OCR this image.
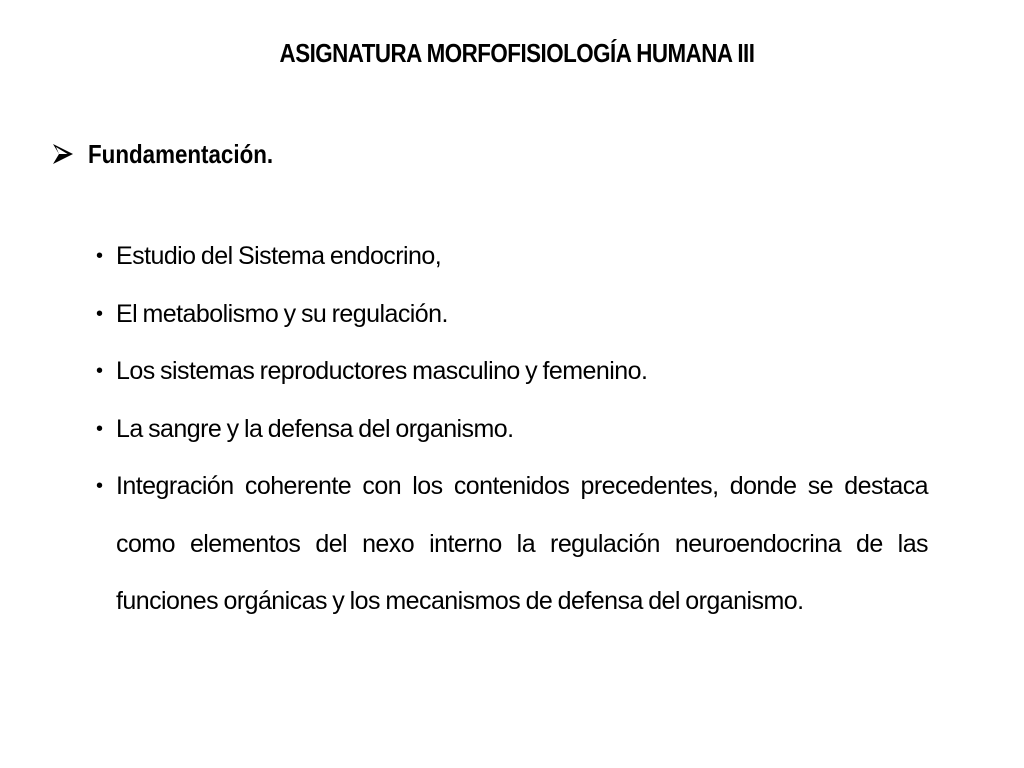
ASIGNATURA MORFOFISIOLOGÍA HUMANA III
Fundamentación.
• Estudio del Sistema endocrino,
• El metabolismo y su regulación.
• Los sistemas reproductores masculino y femenino.
• La sangre y la defensa del organismo.
• Integración coherente con los contenidos precedentes, donde se destaca como elementos del nexo interno la regulación neuroendocrina de las funciones orgánicas y los mecanismos de defensa del organismo.
